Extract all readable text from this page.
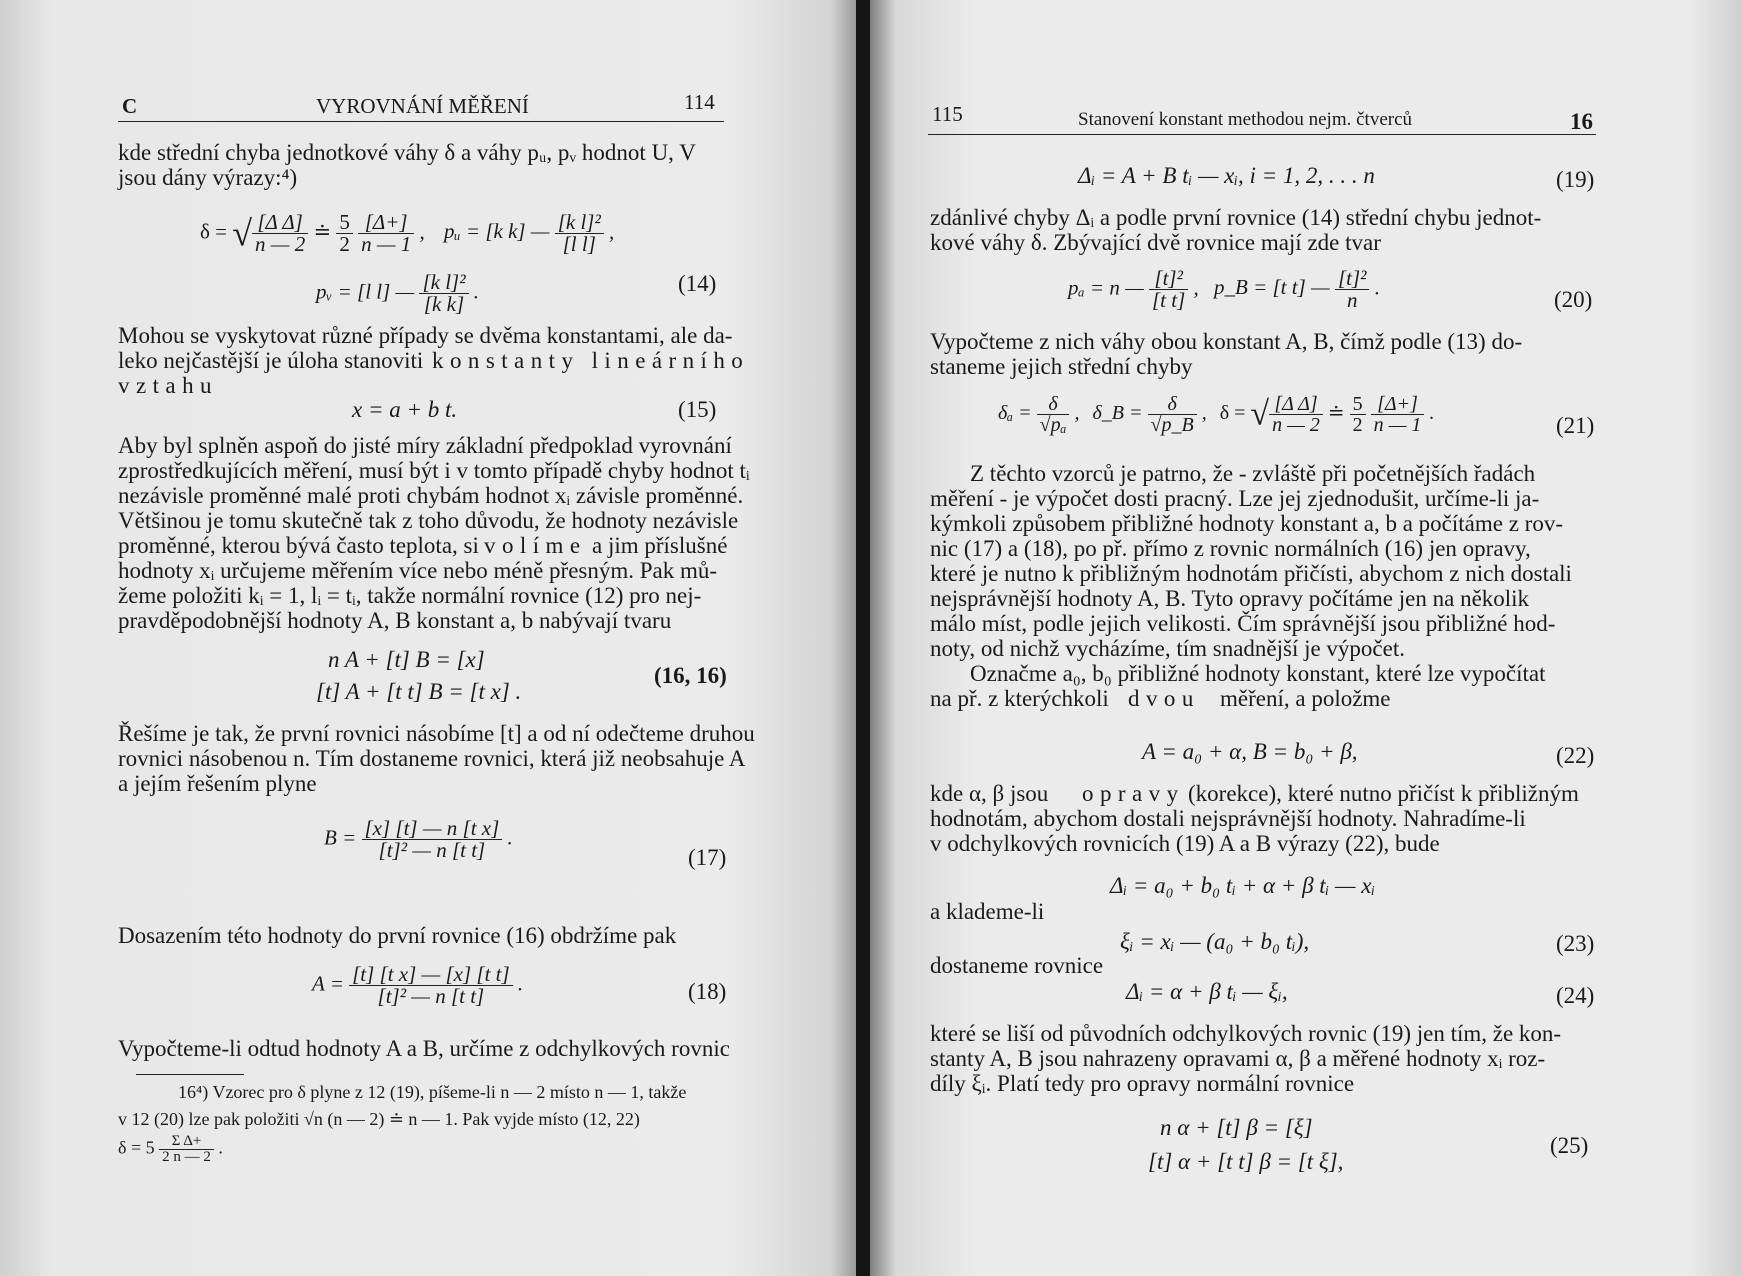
C	VYROVNÁNÍ MĚŘENÍ	114
kde střední chyba jednotkové váhy δ a váhy pᵤ, pᵥ hodnot U, V
jsou dány výrazy:⁴)
δ = √ $\frac{\text{[Δ Δ]}}{n — 2}$ ≐ $\frac{5}{2}$
$\frac{[\Delta+]}{n — 1}$ , pᵤ = [k k] — $\frac{\text{[k l]²}}{\text{[l l]}}$ ,
pᵥ = [l l] — $\frac{\text{[k l]²}}{\text{[k k]}}$ .	(14)
Mohou se vyskytovat různé případy se dvěma konstantami, ale da-
leko nejčastější je úloha stanoviti konstanty lineárního
vztahu
x = a + b t.	(15)
Aby byl splněn aspoň do jisté míry základní předpoklad vyrovnání
zprostředkujících měření, musí být i v tomto případě chyby hodnot tᵢ
nezávisle proměnné malé proti chybám hodnot xᵢ závisle proměnné.
Většinou je tomu skutečně tak z toho důvodu, že hodnoty nezávisle
proměnné, kterou bývá často teplota, si volíme a jim příslušné
hodnoty xᵢ určujeme měřením více nebo méně přesným. Pak mů-
žeme položiti kᵢ = 1, lᵢ = tᵢ, takže normální rovnice (12) pro nej-
pravděpodobnější hodnoty A, B konstant a, b nabývají tvaru
n A + [t] B = [x]
[t] A + [t t] B = [t x] .
(16, 16)
Řešíme je tak, že první rovnici násobíme [t] a od ní odečteme druhou
rovnici násobenou n. Tím dostaneme rovnici, která již neobsahuje A
a jejím řešením plyne
$B = \frac{\text{[x] [t] — n [t x]}}{\text{[t]² — n [t t]}}$ .
(17)
Dosazením této hodnoty do první rovnice (16) obdržíme pak
$A = \frac{\text{[t] [t x] — [x] [t t]}}{\text{[t]² — n [t t]}}$ .	(18)
Vypočteme-li odtud hodnoty A a B, určíme z odchylkových rovnic
16⁴) Vzorec pro δ plyne z 12 (19), píšeme-li n — 2 místo n — 1, takže
v 12 (20) lze pak položiti √n (n — 2) ≐ n — 1. Pak vyjde místo (12, 22)
$\delta = 5 \frac{\text{Σ Δ+}}{2 n — 2}$ .
115	Stanovení konstant methodou nejm. čtverců	16
Δᵢ = A + B tᵢ — xᵢ, i = 1, 2, . . . n	(19)
zdánlivé chyby Δᵢ a podle první rovnice (14) střední chybu jednot-
kové váhy δ. Zbývající dvě rovnice mají zde tvar
pₐ = n — $\frac{\text{[t]²}}{\text{[t t]}}$ , p_B = [t t] — $\frac{\text{[t]²}}{n}$ .	(20)
Vypočteme z nich váhy obou konstant A, B, čímž podle (13) do-
staneme jejich střední chyby
$\delta_a = \frac{\delta}{\text{√pₐ}}$ , δ_B = $\frac{\delta}{√p\_B}$ , δ = √ $\frac{\text{[Δ Δ]}}{n — 2}$ ≐ $\frac{5}{2}$
$\frac{[\Delta+]}{n — 1}$ .	(21)
Z těchto vzorců je patrno, že - zvláště při početnějších řadách
měření - je výpočet dosti pracný. Lze jej zjednodušit, určíme-li ja-
kýmkoli způsobem přibližné hodnoty konstant a, b a počítáme z rov-
nic (17) a (18), po př. přímo z rovnic normálních (16) jen opravy,
které je nutno k přibližným hodnotám přičísti, abychom z nich dostali
nejsprávnější hodnoty A, B. Tyto opravy počítáme jen na několik
málo míst, podle jejich velikosti. Čím správnější jsou přibližné hod-
noty, od nichž vycházíme, tím snadnější je výpočet.
Označme a₀, b₀ přibližné hodnoty konstant, které lze vypočítat
na př. z kterýchkoli dvou měření, a položme
A = a₀ + α, B = b₀ + β,	(22)
kde α, β jsou opravy (korekce), které nutno přičíst k přibližným
hodnotám, abychom dostali nejsprávnější hodnoty. Nahradíme-li
v odchylkových rovnicích (19) A a B výrazy (22), bude
Δᵢ = a₀ + b₀ tᵢ + α + β tᵢ — xᵢ
a klademe-li
ξᵢ = xᵢ — (a₀ + b₀ tᵢ),	(23)
dostaneme rovnice
Δᵢ = α + β tᵢ — ξᵢ,	(24)
které se liší od původních odchylkových rovnic (19) jen tím, že kon-
stanty A, B jsou nahrazeny opravami α, β a měřené hodnoty xᵢ roz-
díly ξᵢ. Platí tedy pro opravy normální rovnice
n α + [t] β = [ξ]
[t] α + [t t] β = [t ξ],
(25)
